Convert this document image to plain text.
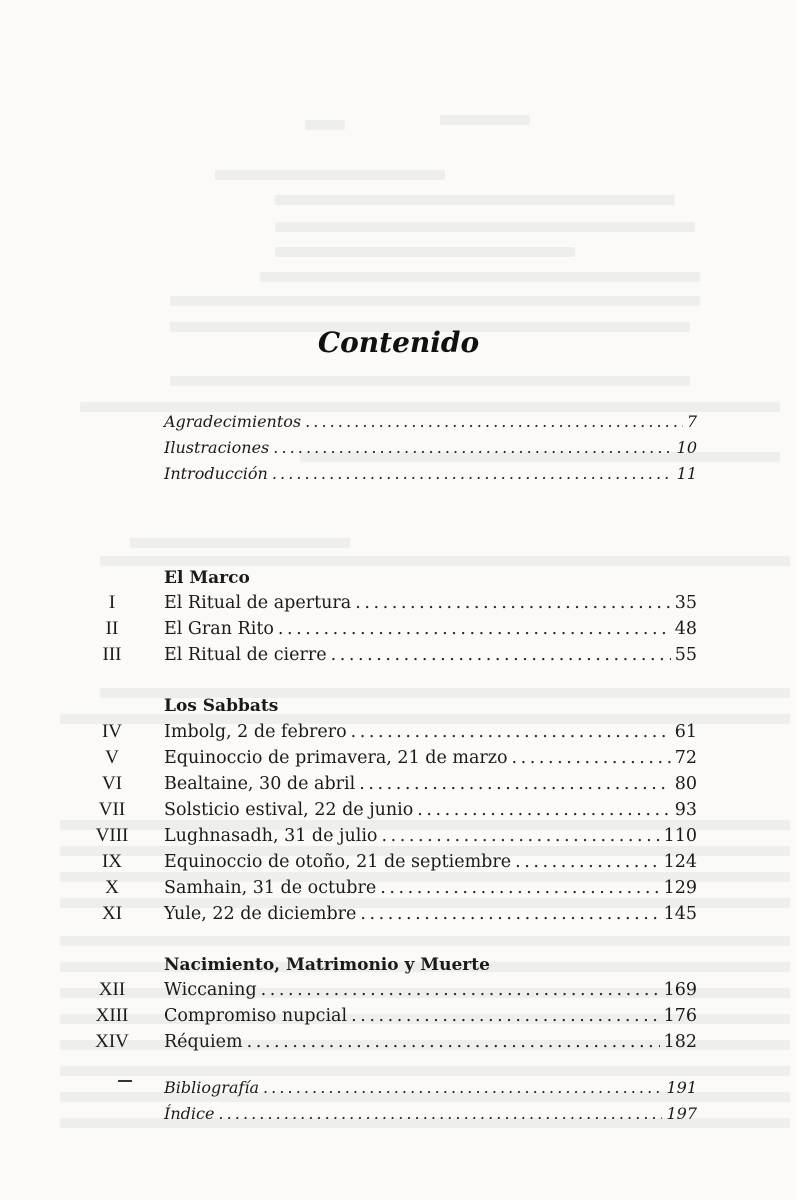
Contenido
Agradecimientos . . .	7
Ilustraciones . . .	10
Introducción . . .	11
El Marco
I	El Ritual de apertura . . .	35
II	El Gran Rito . . .	48
III	El Ritual de cierre . . .	55
Los Sabbats
IV	Imbolg, 2 de febrero . . .	61
V	Equinoccio de primavera, 21 de marzo . . .	72
VI	Bealtaine, 30 de abril . . .	80
VII	Solsticio estival, 22 de junio . . .	93
VIII	Lughnasadh, 31 de julio . . .	110
IX	Equinoccio de otoño, 21 de septiembre . . .	124
X	Samhain, 31 de octubre . . .	129
XI	Yule, 22 de diciembre . . .	145
Nacimiento, Matrimonio y Muerte
XII	Wiccaning . . .	169
XIII	Compromiso nupcial . . .	176
XIV	Réquiem . . .	182
Bibliografía . . .	191
Índice . . .	197
